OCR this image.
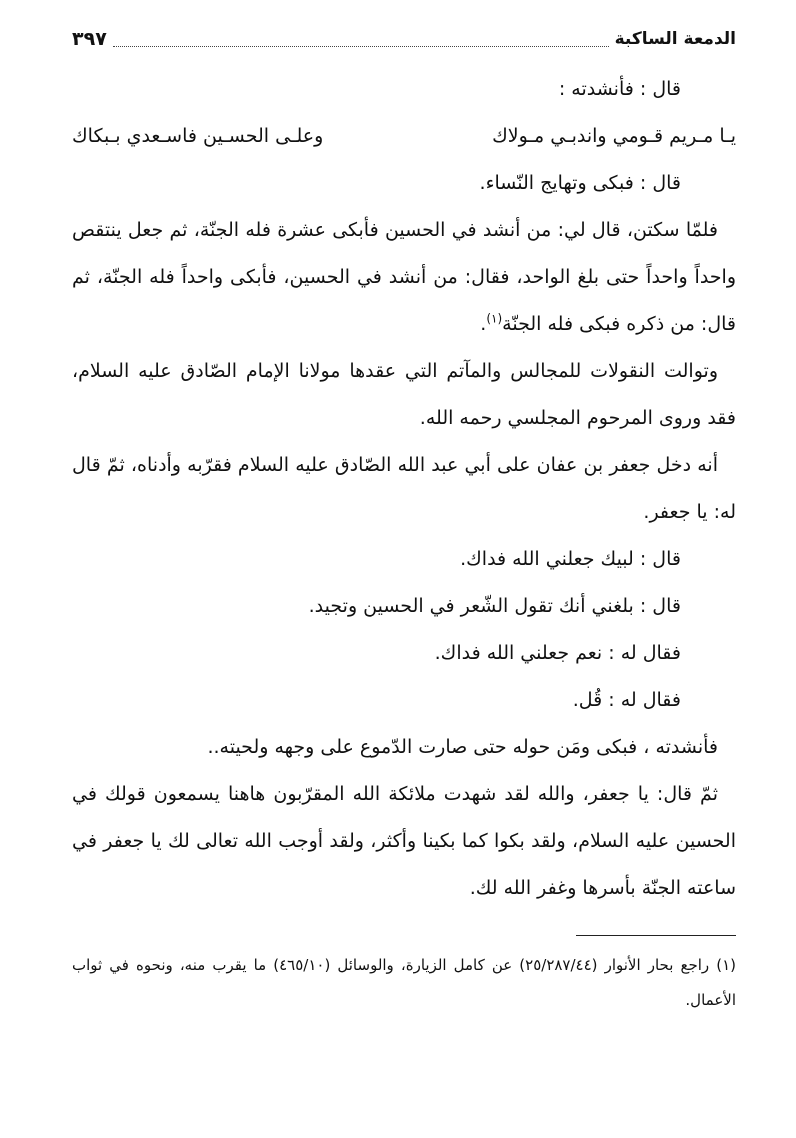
الدمعة الساكبة
٣٩٧

قال : فأنشدته :

يـا مـريم قـومي واندبـي مـولاك
وعلـى الحسـين فاسـعدي بـبكاك

قال : فبكى وتهايج النّساء.

فلمّا سكتن، قال لي: من أنشد في الحسين فأبكى عشرة فله الجنّة، ثم جعل ينتقص واحداً واحداً حتى بلغ الواحد، فقال: من أنشد في الحسين، فأبكى واحداً فله الجنّة، ثم قال: من ذكره فبكى فله الجنّة$^{(١)}$.

وتوالت النقولات للمجالس والمآتم التي عقدها مولانا الإمام الصّادق عليه السلام، فقد وروى المرحوم المجلسي رحمه الله.

أنه دخل جعفر بن عفان على أبي عبد الله الصّادق عليه السلام فقرّبه وأدناه، ثمّ قال له: يا جعفر.

قال : لبيك جعلني الله فداك.

قال : بلغني أنك تقول الشّعر في الحسين وتجيد.

فقال له : نعم جعلني الله فداك.

فقال له : قُل.

فأنشدته ، فبكى ومَن حوله حتى صارت الدّموع على وجهه ولحيته..

ثمّ قال: يا جعفر، والله لقد شهدت ملائكة الله المقرّبون هاهنا يسمعون قولك في الحسين عليه السلام، ولقد بكوا كما بكينا وأكثر، ولقد أوجب الله تعالى لك يا جعفر في ساعته الجنّة بأسرها وغفر الله لك.

(١) راجع بحار الأنوار (٢٥/٢٨٧/٤٤) عن كامل الزيارة، والوسائل (٤٦٥/١٠) ما يقرب منه، ونحوه في ثواب الأعمال.
